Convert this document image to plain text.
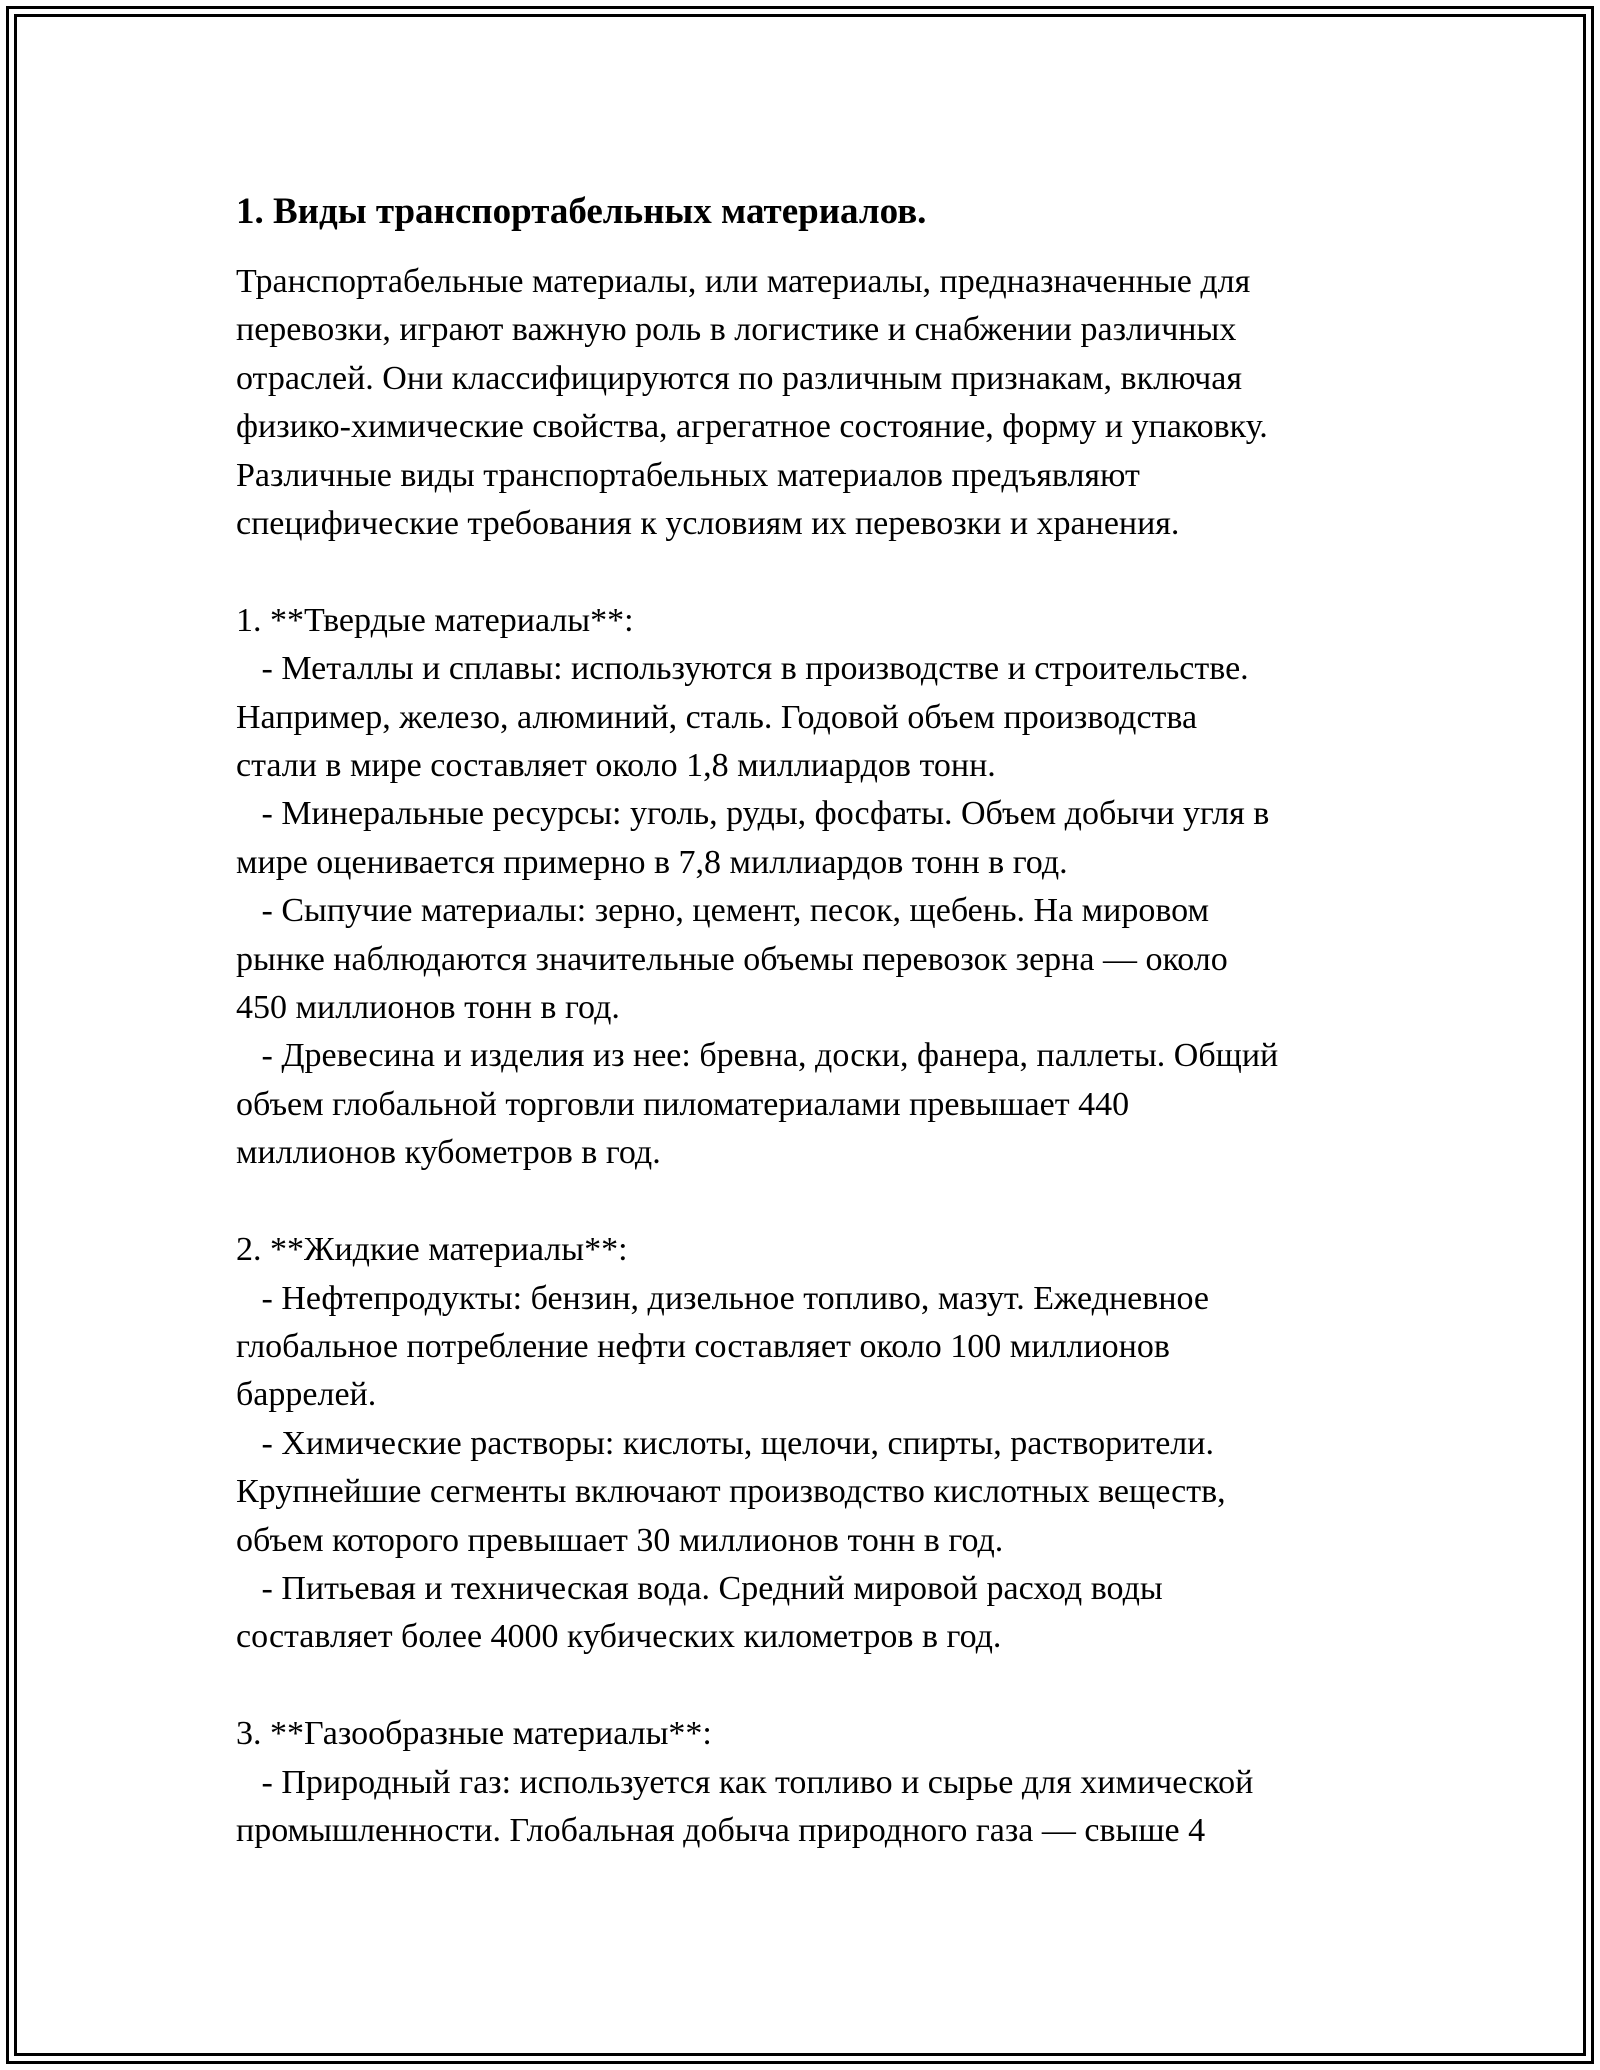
1. Виды транспортабельных материалов.

Транспортабельные материалы, или материалы, предназначенные для

перевозки, играют важную роль в логистике и снабжении различных

отраслей. Они классифицируются по различным признакам, включая

физико-химические свойства, агрегатное состояние, форму и упаковку.

Различные виды транспортабельных материалов предъявляют

специфические требования к условиям их перевозки и хранения.

1. **Твердые материалы**:

- Металлы и сплавы: используются в производстве и строительстве.

Например, железо, алюминий, сталь. Годовой объем производства

стали в мире составляет около 1,8 миллиардов тонн.

- Минеральные ресурсы: уголь, руды, фосфаты. Объем добычи угля в

мире оценивается примерно в 7,8 миллиардов тонн в год.

- Сыпучие материалы: зерно, цемент, песок, щебень. На мировом

рынке наблюдаются значительные объемы перевозок зерна — около

450 миллионов тонн в год.

- Древесина и изделия из нее: бревна, доски, фанера, паллеты. Общий

объем глобальной торговли пиломатериалами превышает 440

миллионов кубометров в год.

2. **Жидкие материалы**:

- Нефтепродукты: бензин, дизельное топливо, мазут. Ежедневное

глобальное потребление нефти составляет около 100 миллионов

баррелей.

- Химические растворы: кислоты, щелочи, спирты, растворители.

Крупнейшие сегменты включают производство кислотных веществ,

объем которого превышает 30 миллионов тонн в год.

- Питьевая и техническая вода. Средний мировой расход воды

составляет более 4000 кубических километров в год.

3. **Газообразные материалы**:

- Природный газ: используется как топливо и сырье для химической

промышленности. Глобальная добыча природного газа — свыше 4
